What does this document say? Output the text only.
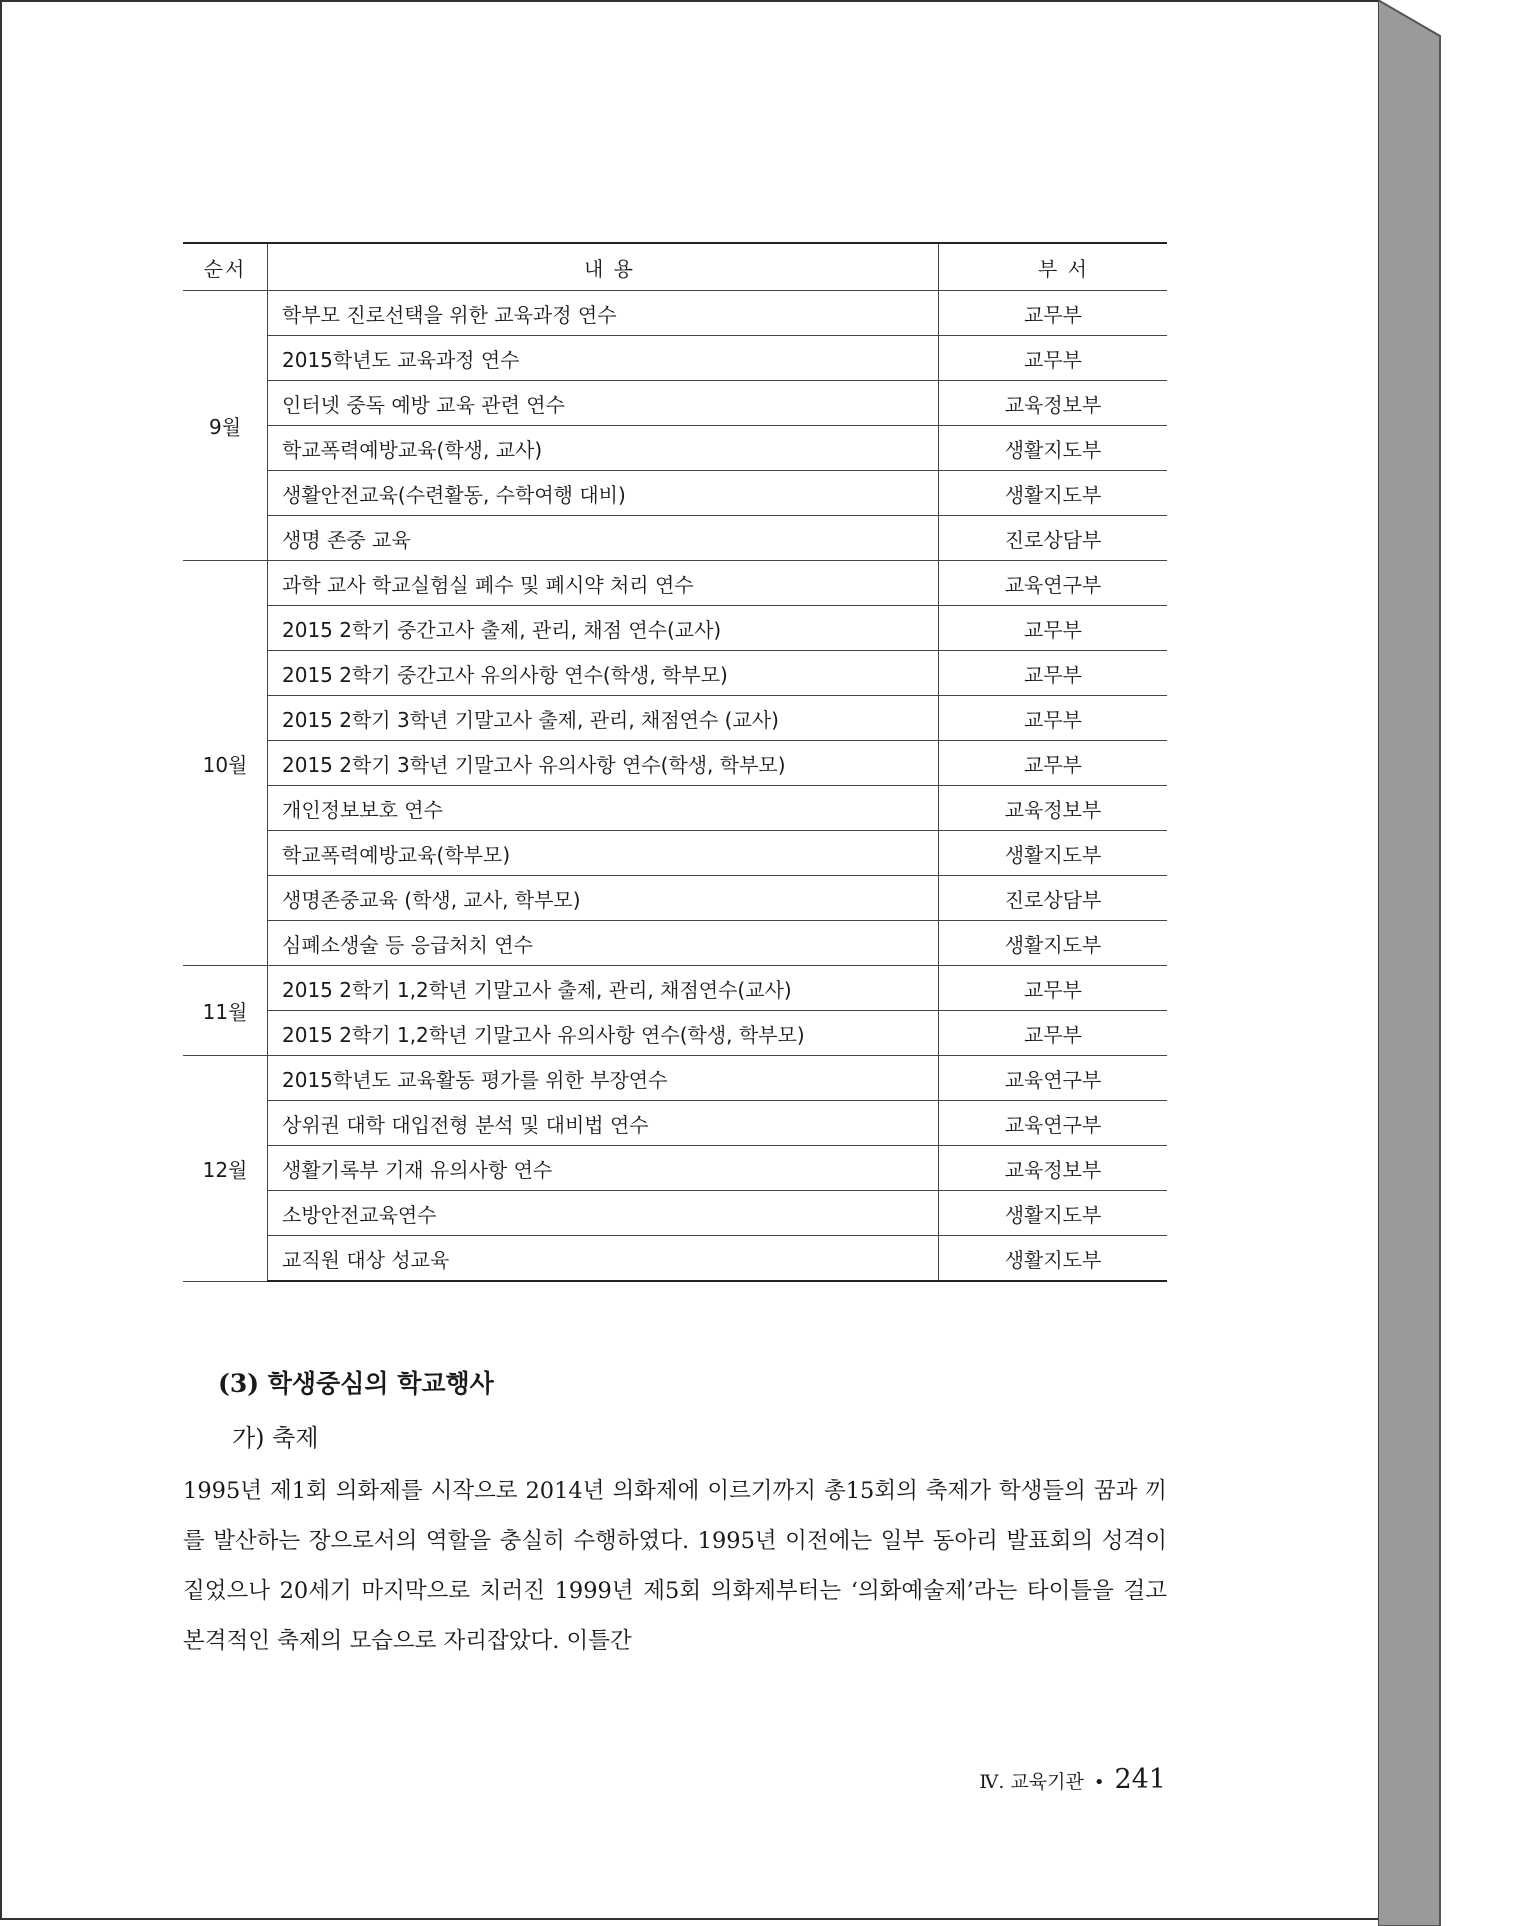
순서	내 용	부 서
9월	학부모 진로선택을 위한 교육과정 연수	교무부
	2015학년도 교육과정 연수	교무부
	인터넷 중독 예방 교육 관련 연수	교육정보부
	학교폭력예방교육(학생, 교사)	생활지도부
	생활안전교육(수련활동, 수학여행 대비)	생활지도부
	생명 존중 교육	진로상담부
10월	과학 교사 학교실험실 폐수 및 폐시약 처리 연수	교육연구부
	2015 2학기 중간고사 출제, 관리, 채점 연수(교사)	교무부
	2015 2학기 중간고사 유의사항 연수(학생, 학부모)	교무부
	2015 2학기 3학년 기말고사 출제, 관리, 채점연수 (교사)	교무부
	2015 2학기 3학년 기말고사 유의사항 연수(학생, 학부모)	교무부
	개인정보보호 연수	교육정보부
	학교폭력예방교육(학부모)	생활지도부
	생명존중교육 (학생, 교사, 학부모)	진로상담부
	심폐소생술 등 응급처치 연수	생활지도부
11월	2015 2학기 1,2학년 기말고사 출제, 관리, 채점연수(교사)	교무부
	2015 2학기 1,2학년 기말고사 유의사항 연수(학생, 학부모)	교무부
12월	2015학년도 교육활동 평가를 위한 부장연수	교육연구부
	상위권 대학 대입전형 분석 및 대비법 연수	교육연구부
	생활기록부 기재 유의사항 연수	교육정보부
	소방안전교육연수	생활지도부
	교직원 대상 성교육	생활지도부
(3) 학생중심의 학교행사
가) 축제

1995년 제1회 의화제를 시작으로 2014년 의화제에 이르기까지 총15회의 축제가 학생들의 꿈과 끼를 발산하는 장으로서의 역할을 충실히 수행하였다. 1995년 이전에는 일부 동아리 발표회의 성격이 짙었으나 20세기 마지막으로 치러진 1999년 제5회 의화제부터는 ‘의화예술제’라는 타이틀을 걸고 본격적인 축제의 모습으로 자리잡았다. 이틀간

Ⅳ. 교육기관 • 241
